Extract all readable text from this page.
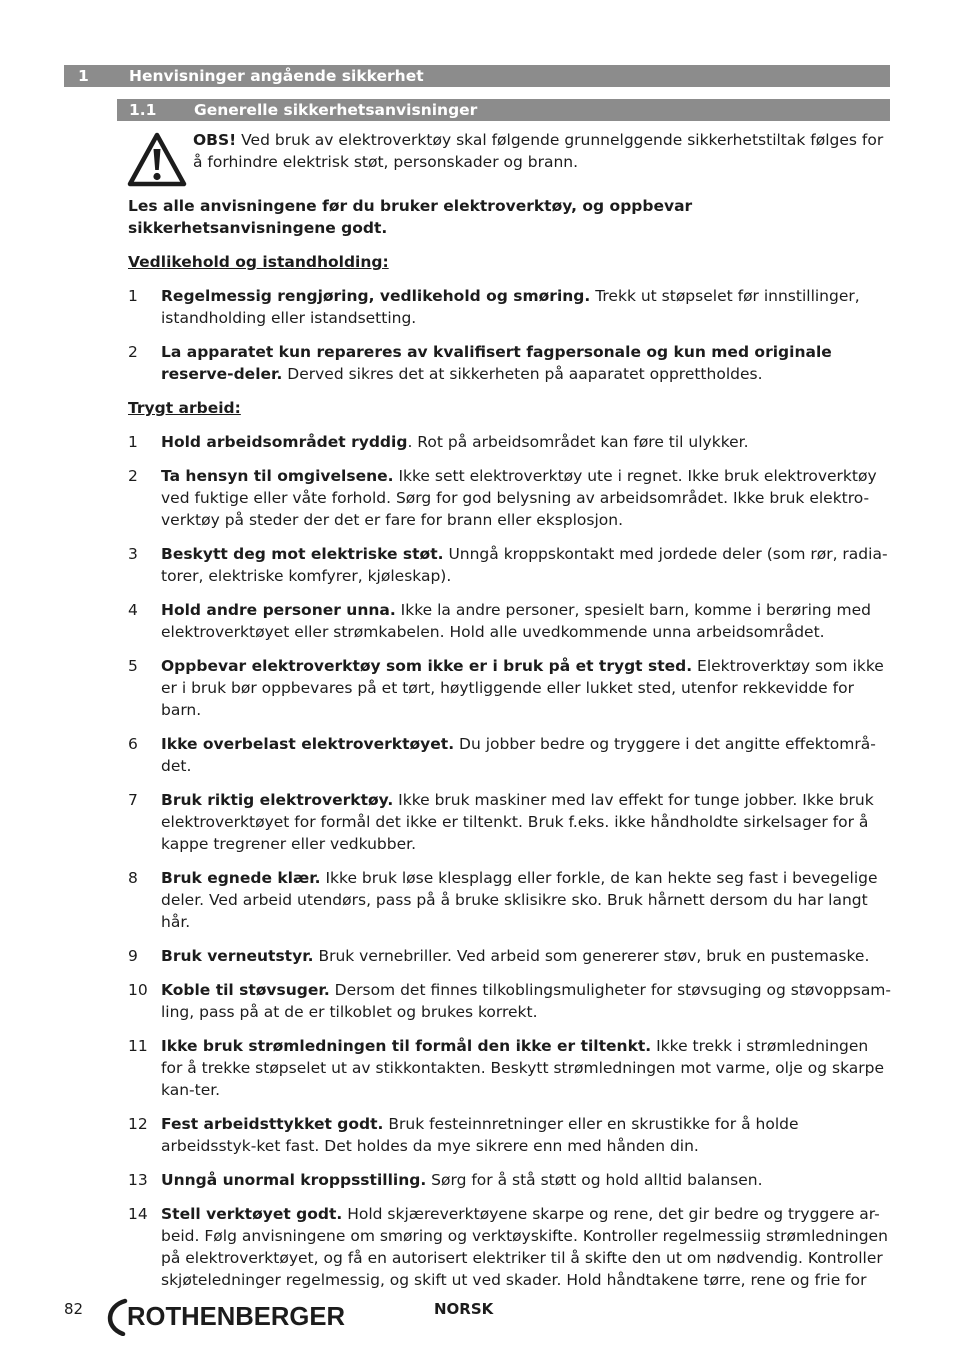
1	Henvisninger angående sikkerhet
1.1 Generelle sikkerhetsanvisninger
OBS! Ved bruk av elektroverktøy skal følgende grunnelggende sikkerhetstiltak følges for å forhindre elektrisk støt, personskader og brann.

Les alle anvisningene før du bruker elektroverktøy, og oppbevar sikkerhetsanvisningene godt.

Vedlikehold og istandholding:

1	Regelmessig rengjøring, vedlikehold og smøring. Trekk ut støpselet før innstillinger, istandholding eller istandsetting.
2	La apparatet kun repareres av kvalifisert fagpersonale og kun med originale reserve-deler. Derved sikres det at sikkerheten på aaparatet opprettholdes.

Trygt arbeid:

1	Hold arbeidsområdet ryddig. Rot på arbeidsområdet kan føre til ulykker.
2	Ta hensyn til omgivelsene. Ikke sett elektroverktøy ute i regnet. Ikke bruk elektroverktøy ved fuktige eller våte forhold. Sørg for god belysning av arbeidsområdet. Ikke bruk elektro-verktøy på steder der det er fare for brann eller eksplosjon.
3	Beskytt deg mot elektriske støt. Unngå kroppskontakt med jordede deler (som rør, radia-torer, elektriske komfyrer, kjøleskap).
4	Hold andre personer unna. Ikke la andre personer, spesielt barn, komme i berøring med elektroverktøyet eller strømkabelen. Hold alle uvedkommende unna arbeidsområdet.
5	Oppbevar elektroverktøy som ikke er i bruk på et trygt sted. Elektroverktøy som ikke er i bruk bør oppbevares på et tørt, høytliggende eller lukket sted, utenfor rekkevidde for barn.
6	Ikke overbelast elektroverktøyet. Du jobber bedre og tryggere i det angitte effektområ-det.
7	Bruk riktig elektroverktøy. Ikke bruk maskiner med lav effekt for tunge jobber. Ikke bruk elektroverktøyet for formål det ikke er tiltenkt. Bruk f.eks. ikke håndholdte sirkelsager for å kappe tregrener eller vedkubber.
8	Bruk egnede klær. Ikke bruk løse klesplagg eller forkle, de kan hekte seg fast i bevegelige deler. Ved arbeid utendørs, pass på å bruke sklisikre sko. Bruk hårnett dersom du har langt hår.
9	Bruk verneutstyr. Bruk vernebriller. Ved arbeid som genererer støv, bruk en pustemaske.
10 Koble til støvsuger. Dersom det finnes tilkoblingsmuligheter for støvsuging og støvoppsam-ling, pass på at de er tilkoblet og brukes korrekt.
11 Ikke bruk strømledningen til formål den ikke er tiltenkt. Ikke trekk i strømledningen for å trekke støpselet ut av stikkontakten. Beskytt strømledningen mot varme, olje og skarpe kan-ter.
12 Fest arbeidsttykket godt. Bruk festeinnretninger eller en skrustikke for å holde arbeidsstyk-ket fast. Det holdes da mye sikrere enn med hånden din.
13 Unngå unormal kroppsstilling. Sørg for å stå støtt og hold alltid balansen.
14 Stell verktøyet godt. Hold skjæreverktøyene skarpe og rene, det gir bedre og tryggere ar-beid. Følg anvisningene om smøring og verktøyskifte. Kontroller regelmessiig strømledningen på elektroverktøyet, og få en autorisert elektriker til å skifte den ut om nødvendig. Kontroller skjøteledninger regelmessig, og skift ut ved skader. Hold håndtakene tørre, rene og frie for
82 ROTHENBERGER	NORSK
